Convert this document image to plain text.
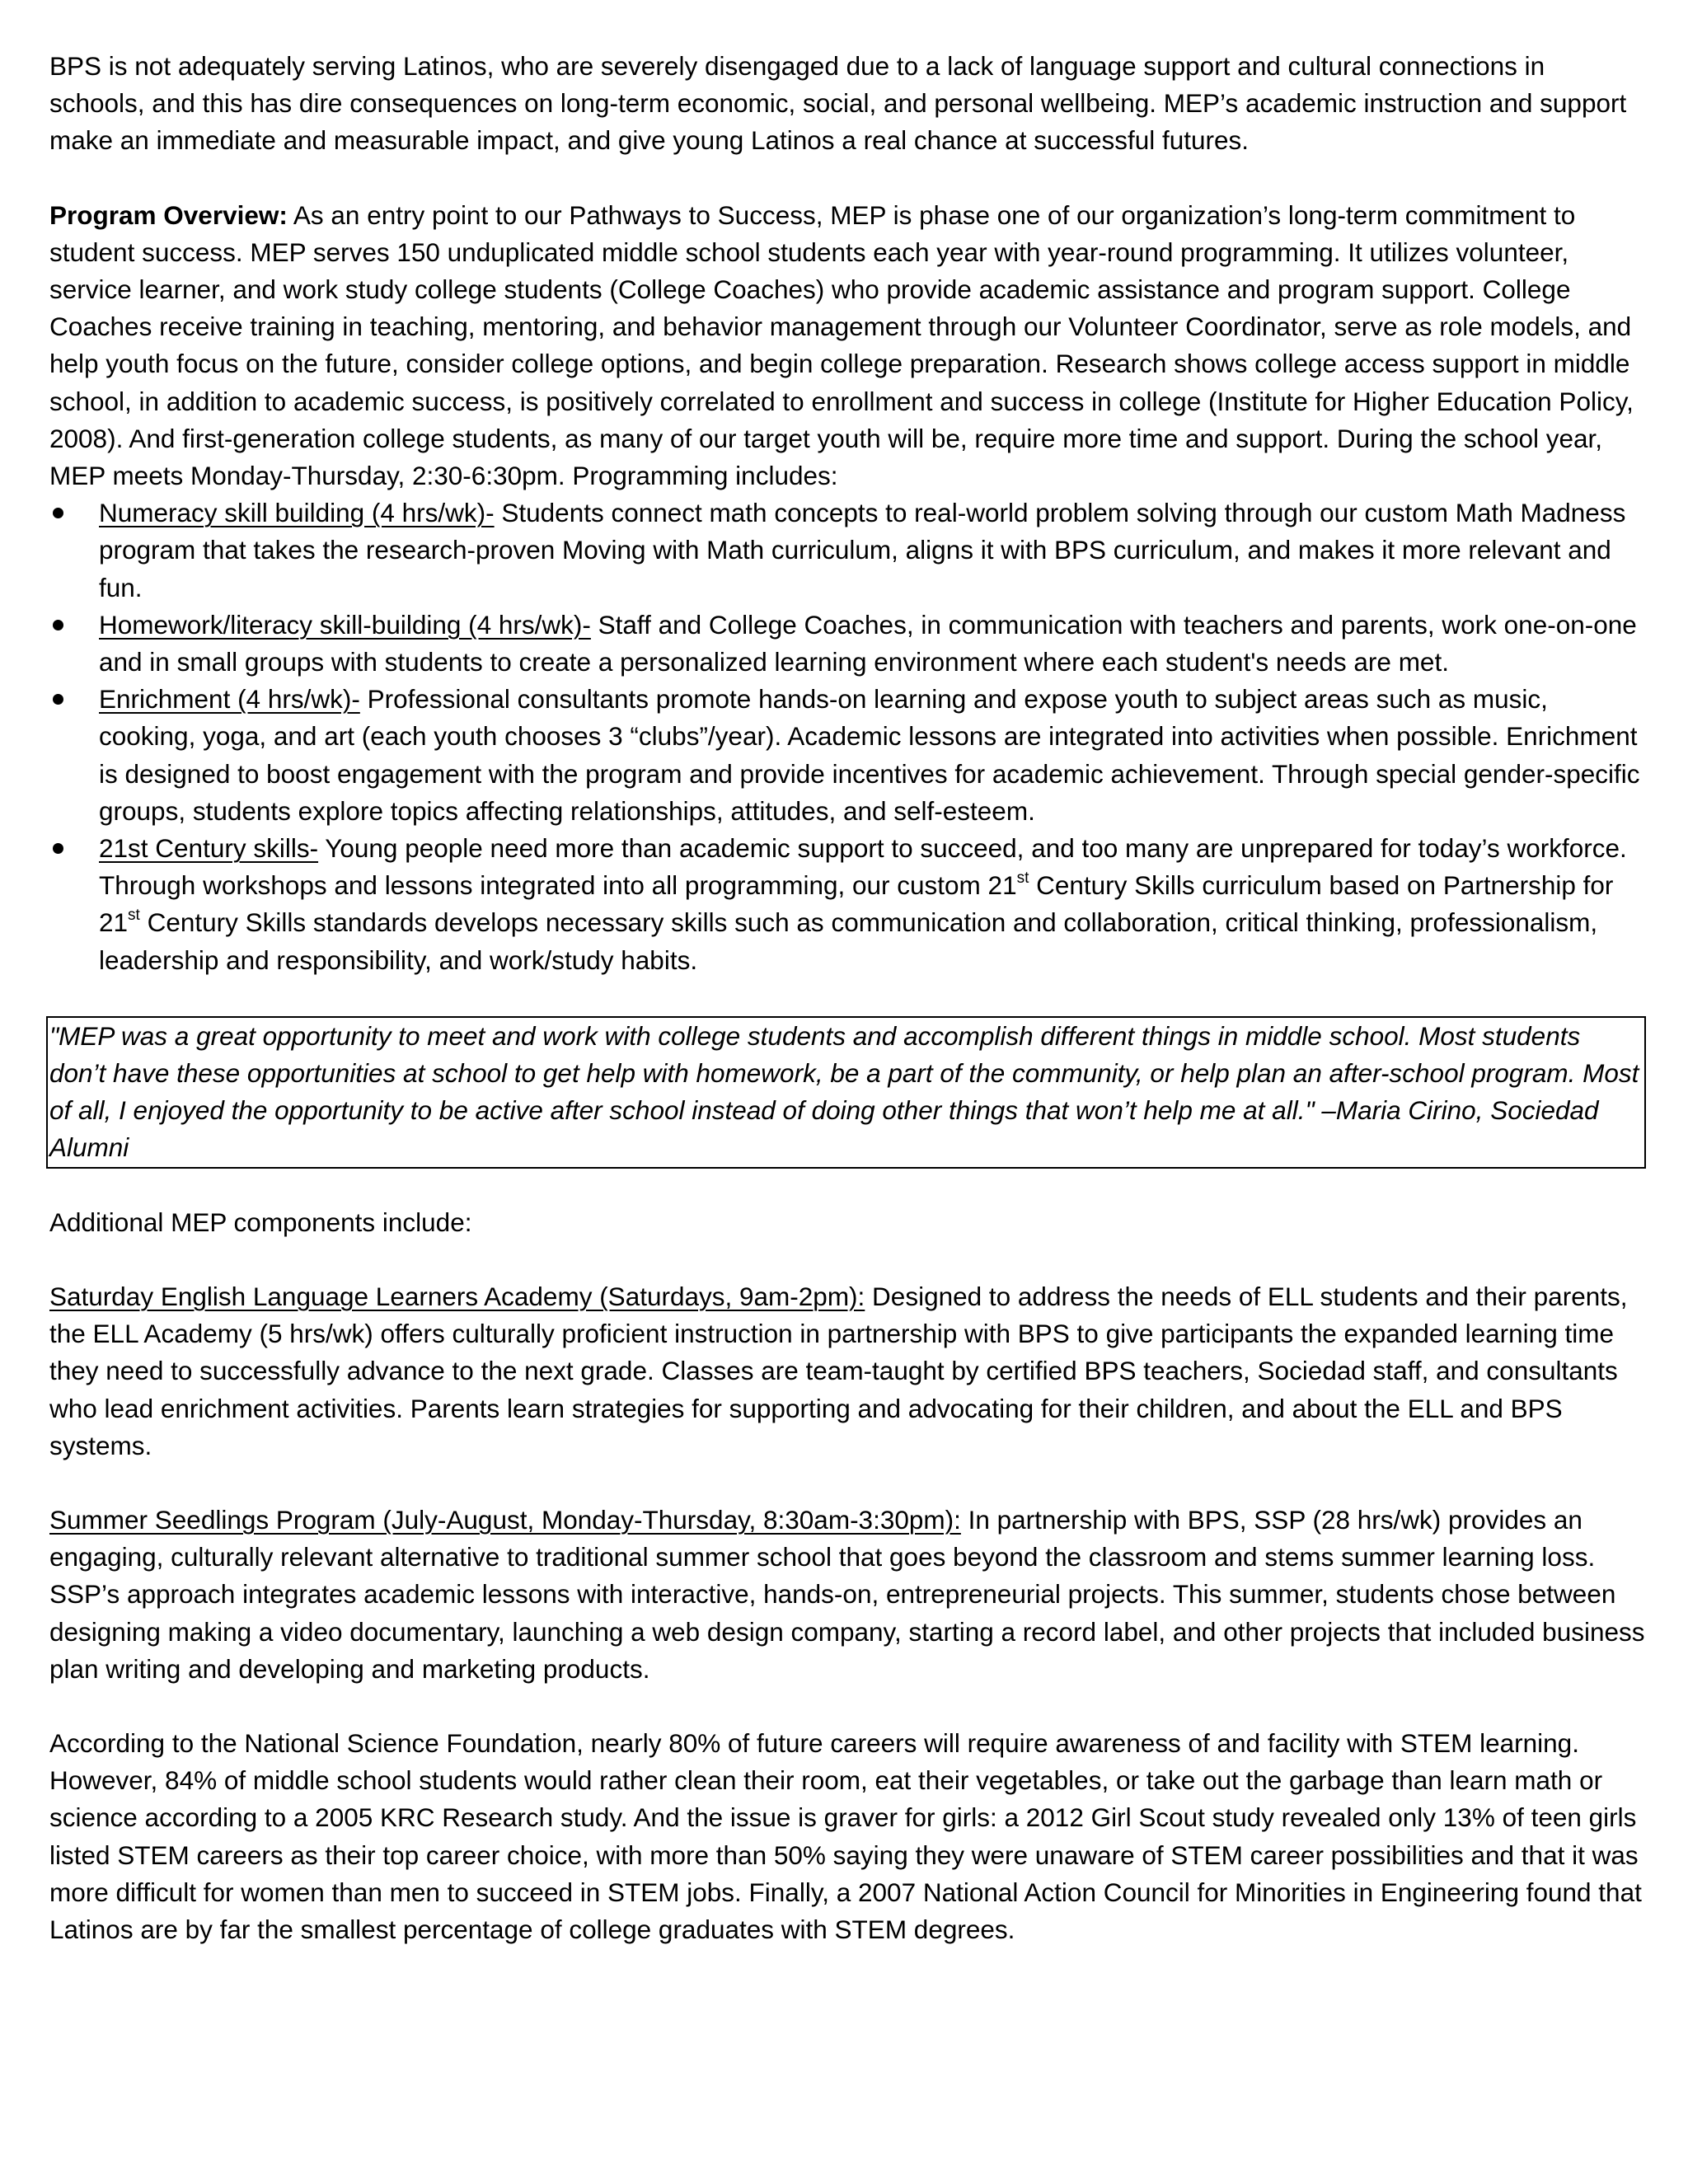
BPS is not adequately serving Latinos, who are severely disengaged due to a lack of language support and cultural connections in schools, and this has dire consequences on long-term economic, social, and personal wellbeing. MEP’s academic instruction and support make an immediate and measurable impact, and give young Latinos a real chance at successful futures.

Program Overview: As an entry point to our Pathways to Success, MEP is phase one of our organization’s long-term commitment to student success. MEP serves 150 unduplicated middle school students each year with year-round programming. It utilizes volunteer, service learner, and work study college students (College Coaches) who provide academic assistance and program support. College Coaches receive training in teaching, mentoring, and behavior management through our Volunteer Coordinator, serve as role models, and help youth focus on the future, consider college options, and begin college preparation. Research shows college access support in middle school, in addition to academic success, is positively correlated to enrollment and success in college (Institute for Higher Education Policy, 2008). And first-generation college students, as many of our target youth will be, require more time and support. During the school year, MEP meets Monday-Thursday, 2:30-6:30pm. Programming includes:

Numeracy skill building (4 hrs/wk)- Students connect math concepts to real-world problem solving through our custom Math Madness program that takes the research-proven Moving with Math curriculum, aligns it with BPS curriculum, and makes it more relevant and fun.
Homework/literacy skill-building (4 hrs/wk)- Staff and College Coaches, in communication with teachers and parents, work one-on-one and in small groups with students to create a personalized learning environment where each student's needs are met.
Enrichment (4 hrs/wk)- Professional consultants promote hands-on learning and expose youth to subject areas such as music, cooking, yoga, and art (each youth chooses 3 “clubs”/year). Academic lessons are integrated into activities when possible. Enrichment is designed to boost engagement with the program and provide incentives for academic achievement. Through special gender-specific groups, students explore topics affecting relationships, attitudes, and self-esteem.
21st Century skills- Young people need more than academic support to succeed, and too many are unprepared for today’s workforce. Through workshops and lessons integrated into all programming, our custom 21st Century Skills curriculum based on Partnership for 21st Century Skills standards develops necessary skills such as communication and collaboration, critical thinking, professionalism, leadership and responsibility, and work/study habits.
"MEP was a great opportunity to meet and work with college students and accomplish different things in middle school. Most students don’t have these opportunities at school to get help with homework, be a part of the community, or help plan an after-school program. Most of all, I enjoyed the opportunity to be active after school instead of doing other things that won’t help me at all." –Maria Cirino, Sociedad Alumni

Additional MEP components include:

Saturday English Language Learners Academy (Saturdays, 9am-2pm): Designed to address the needs of ELL students and their parents, the ELL Academy (5 hrs/wk) offers culturally proficient instruction in partnership with BPS to give participants the expanded learning time they need to successfully advance to the next grade. Classes are team-taught by certified BPS teachers, Sociedad staff, and consultants who lead enrichment activities. Parents learn strategies for supporting and advocating for their children, and about the ELL and BPS systems.

Summer Seedlings Program (July-August, Monday-Thursday, 8:30am-3:30pm): In partnership with BPS, SSP (28 hrs/wk) provides an engaging, culturally relevant alternative to traditional summer school that goes beyond the classroom and stems summer learning loss. SSP’s approach integrates academic lessons with interactive, hands-on, entrepreneurial projects. This summer, students chose between designing making a video documentary, launching a web design company, starting a record label, and other projects that included business plan writing and developing and marketing products.

According to the National Science Foundation, nearly 80% of future careers will require awareness of and facility with STEM learning. However, 84% of middle school students would rather clean their room, eat their vegetables, or take out the garbage than learn math or science according to a 2005 KRC Research study. And the issue is graver for girls: a 2012 Girl Scout study revealed only 13% of teen girls listed STEM careers as their top career choice, with more than 50% saying they were unaware of STEM career possibilities and that it was more difficult for women than men to succeed in STEM jobs. Finally, a 2007 National Action Council for Minorities in Engineering found that Latinos are by far the smallest percentage of college graduates with STEM degrees.
